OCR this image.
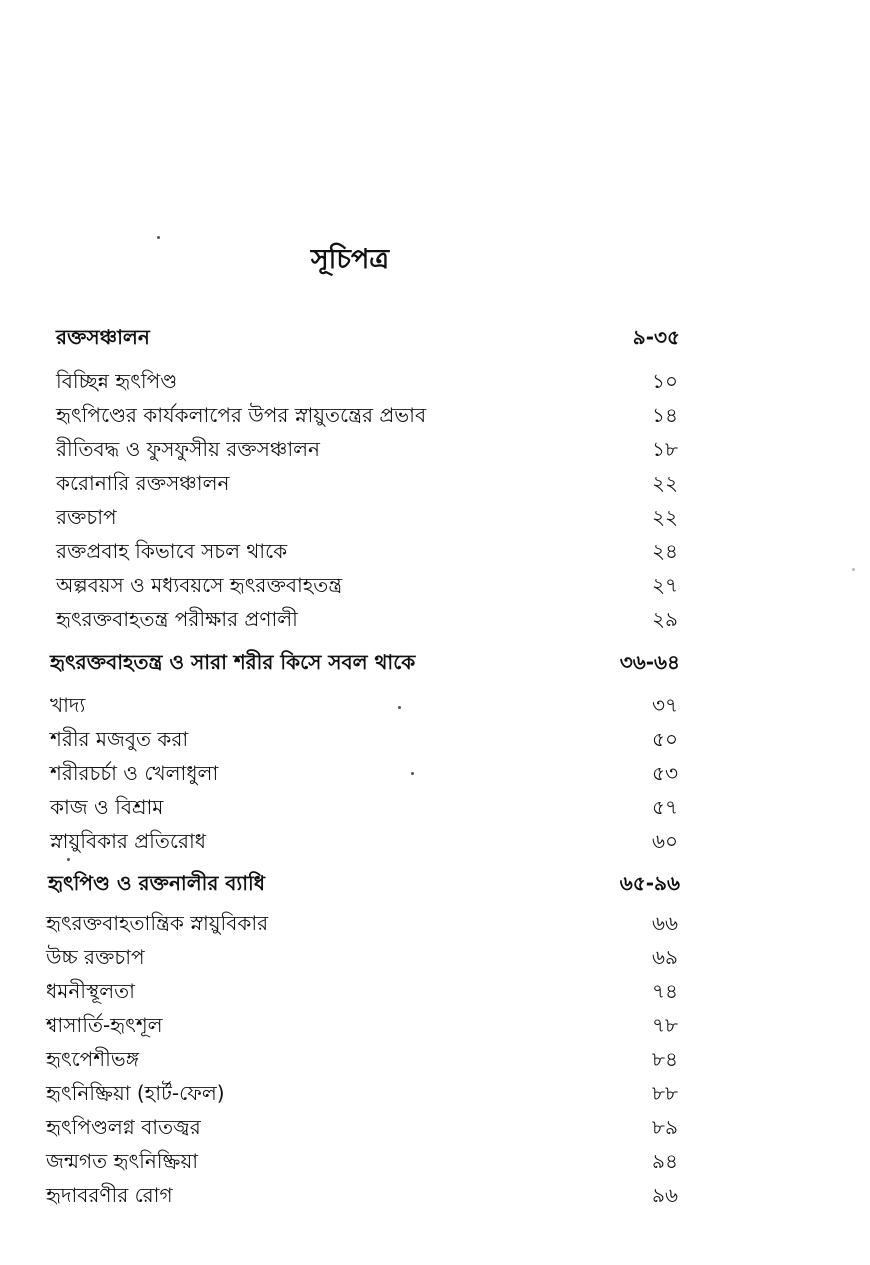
সূচিপত্র
রক্তসঞ্চালন	৯-৩৫
বিচ্ছিন্ন হৃৎপিণ্ড	১০
হৃৎপিণ্ডের কার্যকলাপের উপর স্নায়ুতন্ত্রের প্রভাব	১৪
রীতিবদ্ধ ও ফুসফুসীয় রক্তসঞ্চালন	১৮
করোনারি রক্তসঞ্চালন	২২
রক্তচাপ	২২
রক্তপ্রবাহ কিভাবে সচল থাকে	২৪
অল্পবয়স ও মধ্যবয়সে হৃৎরক্তবাহতন্ত্র	২৭
হৃৎরক্তবাহতন্ত্র পরীক্ষার প্রণালী	২৯
হৃৎরক্তবাহতন্ত্র ও সারা শরীর কিসে সবল থাকে	৩৬-৬৪
খাদ্য	৩৭
শরীর মজবুত করা	৫০
শরীরচর্চা ও খেলাধুলা	৫৩
কাজ ও বিশ্রাম	৫৭
স্নায়ুবিকার প্রতিরোধ	৬০
হৃৎপিণ্ড ও রক্তনালীর ব্যাধি	৬৫-৯৬
হৃৎরক্তবাহতান্ত্রিক স্নায়ুবিকার	৬৬
উচ্চ রক্তচাপ	৬৯
ধমনীস্থূলতা	৭৪
শ্বাসার্তি-হৃৎশূল	৭৮
হৃৎপেশীভঙ্গ	৮৪
হৃৎনিষ্ক্রিয়া (হার্ট-ফেল)	৮৮
হৃৎপিণ্ডলগ্ন বাতজ্বর	৮৯
জন্মগত হৃৎনিষ্ক্রিয়া	৯৪
হৃদাবরণীর রোগ	৯৬
